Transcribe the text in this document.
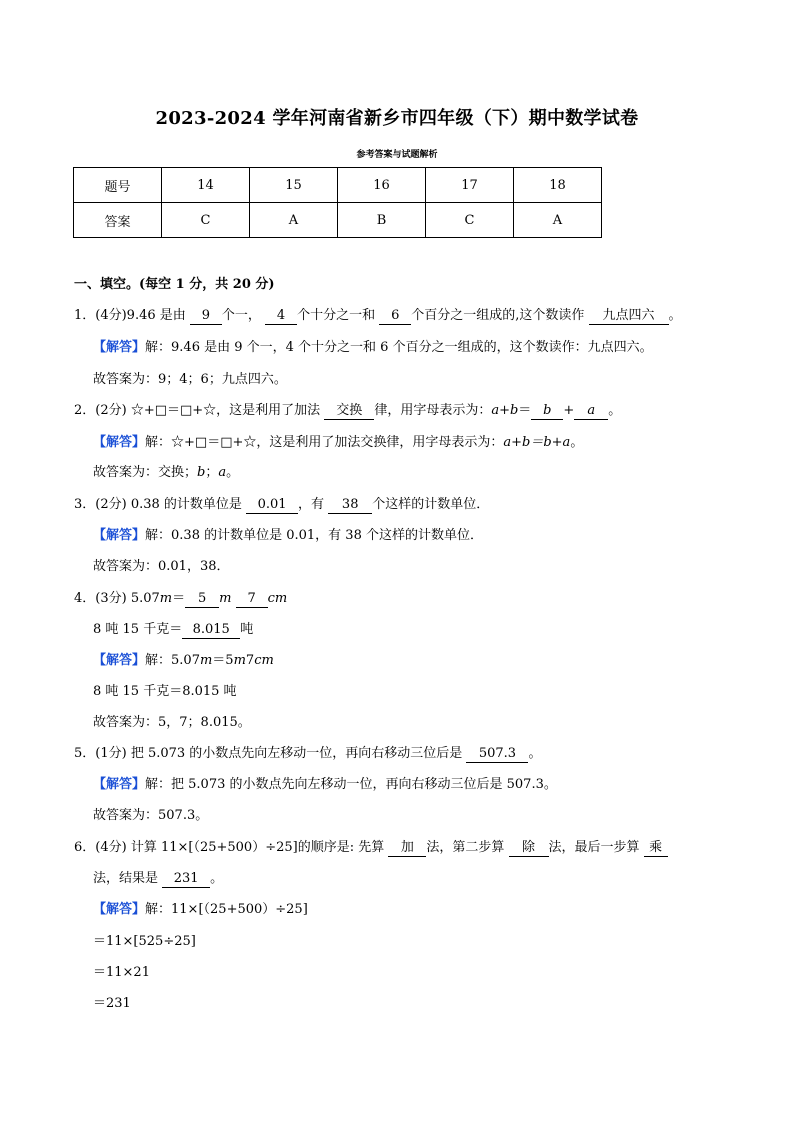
2023-2024 学年河南省新乡市四年级（下）期中数学试卷
参考答案与试题解析
题号	14	15	16	17	18
答案	C	A	B	C	A
一、填空。(每空 1 分，共 20 分)
1．(4分)9.46 是由 9 个一， 4 个十分之一和 6 个百分之一组成的,这个数读作 九点四六 。
【解答】解：9.46 是由 9 个一，4 个十分之一和 6 个百分之一组成的，这个数读作：九点四六。
故答案为：9；4；6；九点四六。
2．(2分) ☆+□＝□+☆，这是利用了加法 交换 律，用字母表示为：a+b＝ b + a 。
【解答】解：☆+□＝□+☆，这是利用了加法交换律，用字母表示为：a+b＝b+a。
故答案为：交换；b；a。
3．(2分) 0.38 的计数单位是 0.01 ，有 38 个这样的计数单位．
【解答】解：0.38 的计数单位是 0.01，有 38 个这样的计数单位．
故答案为：0.01，38．
4．(3分) 5.07m＝ 5 m 7 cm
8 吨 15 千克＝ 8.015 吨
【解答】解：5.07m＝5m7cm
8 吨 15 千克＝8.015 吨
故答案为：5，7；8.015。
5．(1分) 把 5.073 的小数点先向左移动一位，再向右移动三位后是 507.3 。
【解答】解：把 5.073 的小数点先向左移动一位，再向右移动三位后是 507.3。
故答案为：507.3。
6．(4分) 计算 11×[（25+500）÷25]的顺序是: 先算 加 法，第二步算 除 法，最后一步算 乘
法，结果是 231 。
【解答】解：11×[（25+500）÷25]
＝11×[525÷25]
＝11×21
＝231
